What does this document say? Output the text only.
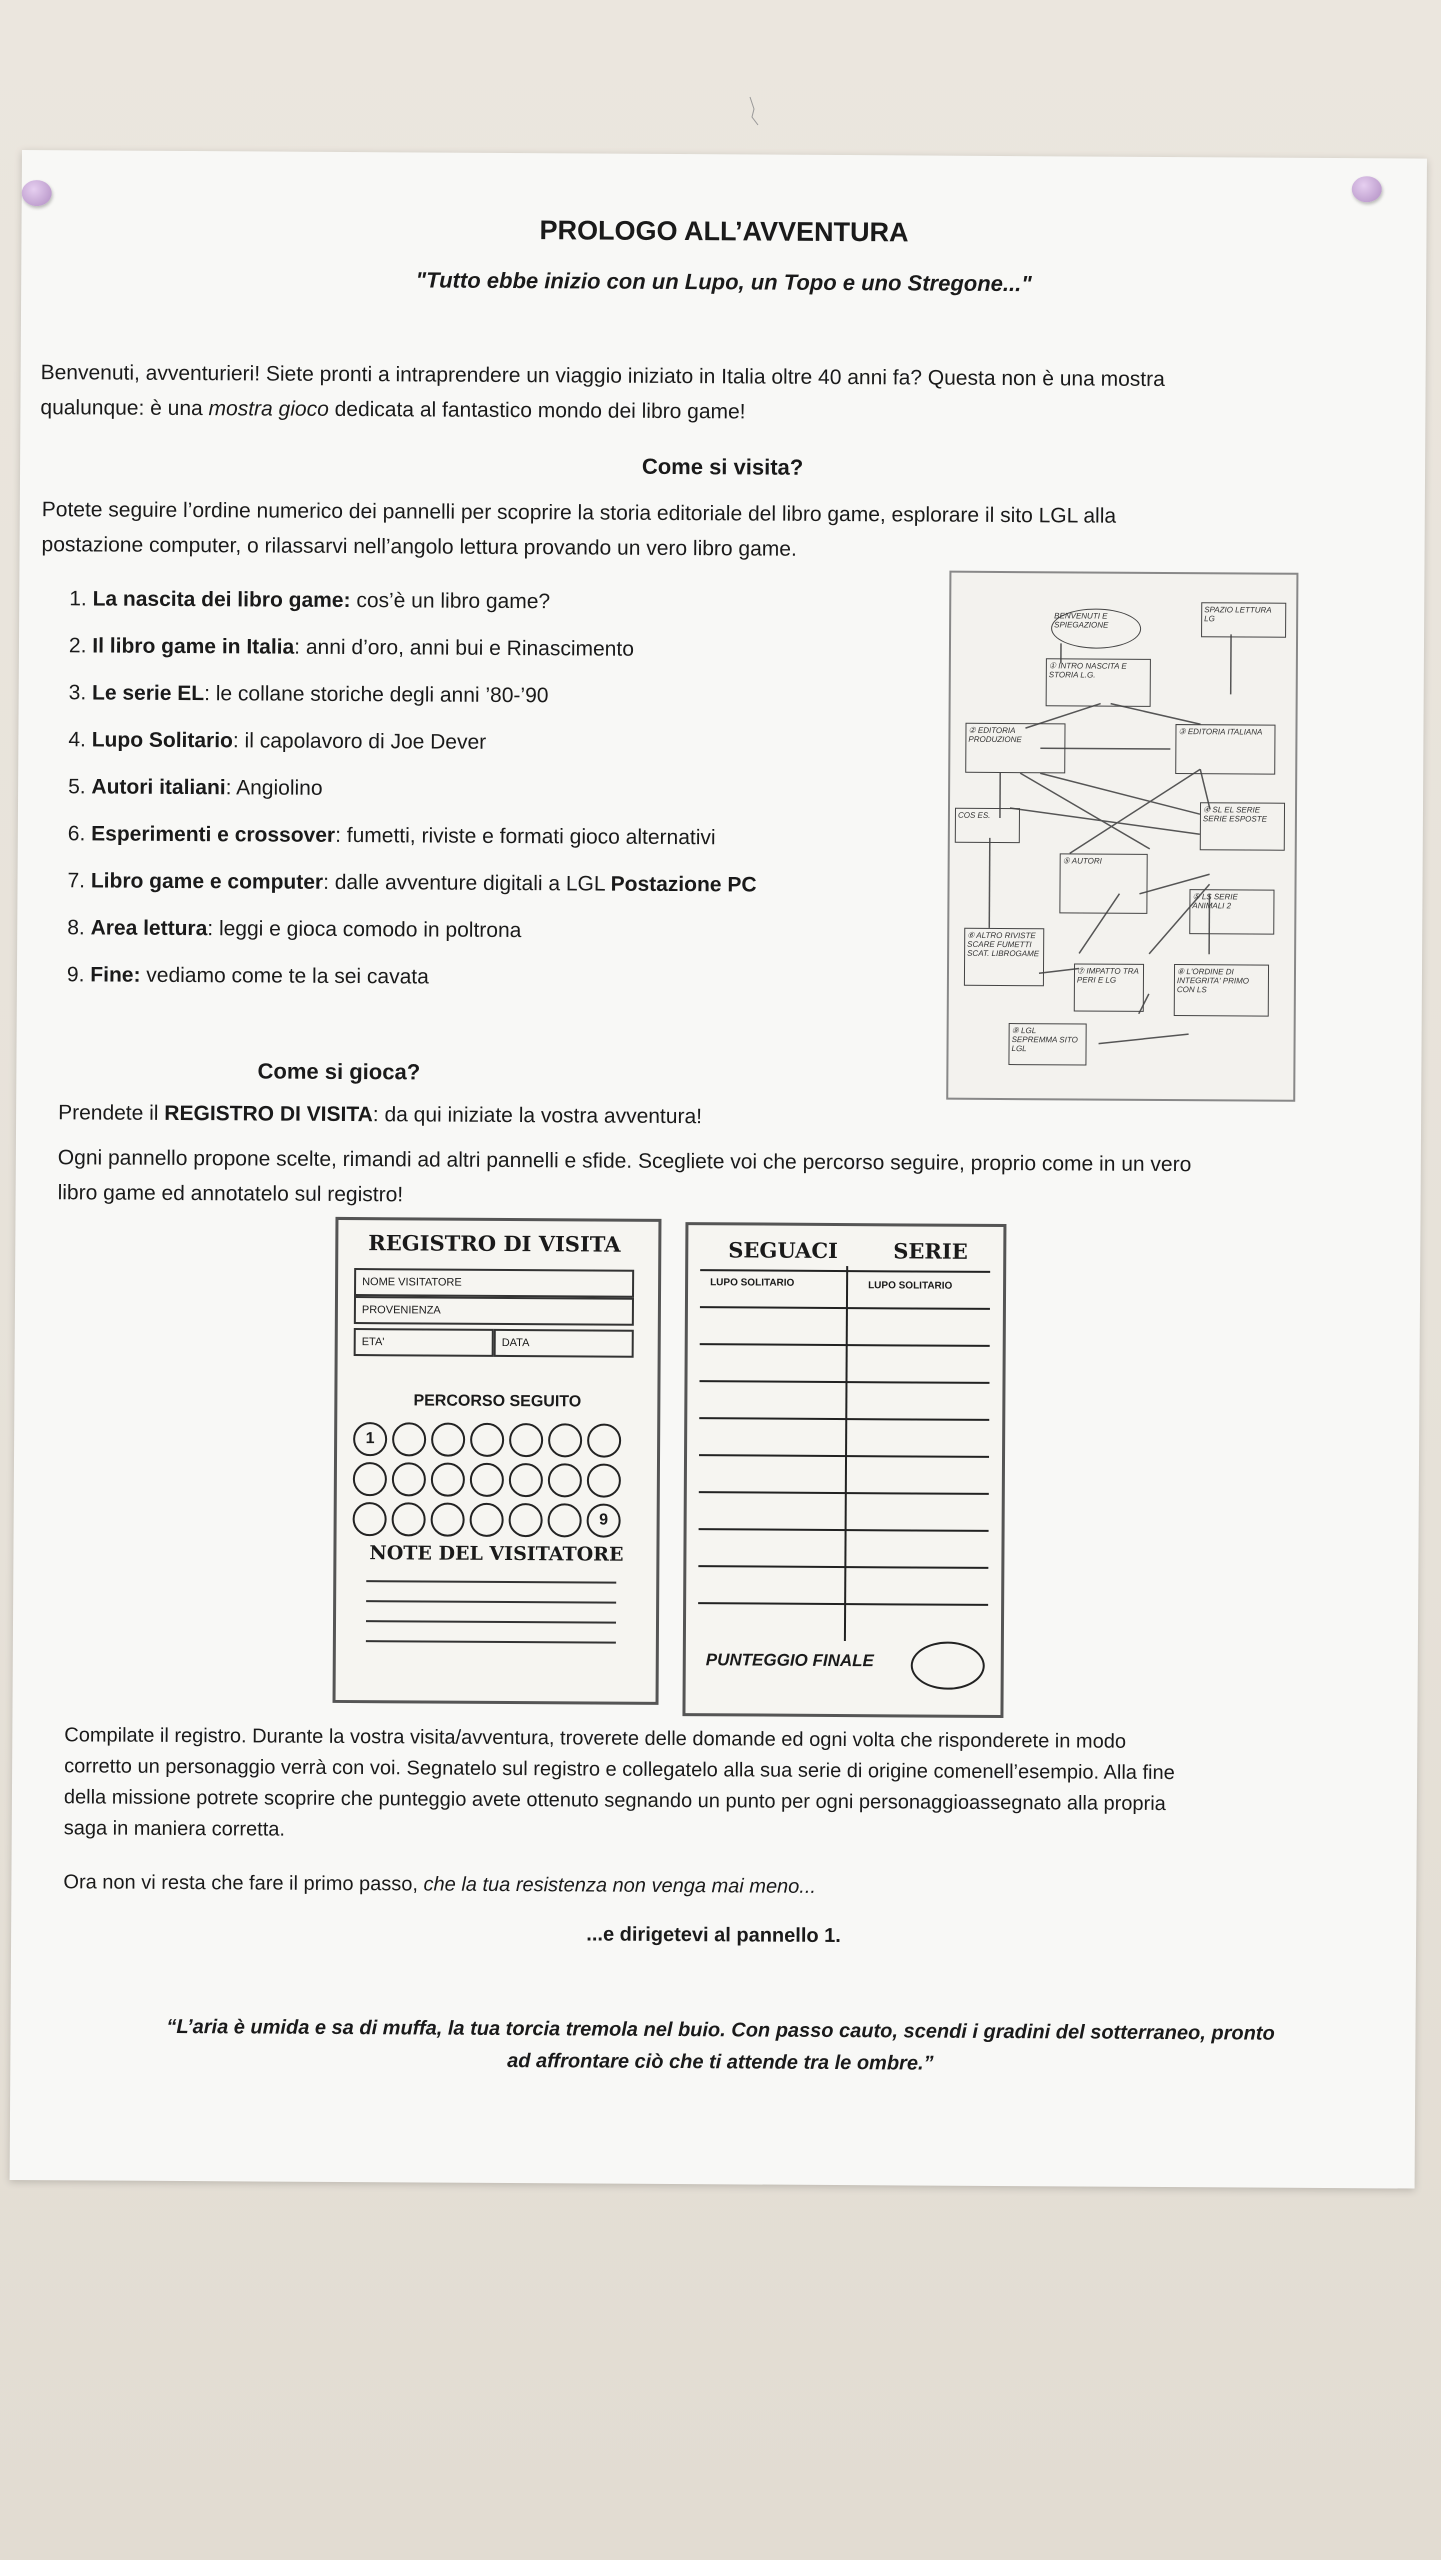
PROLOGO ALL’AVVENTURA
"Tutto ebbe inizio con un Lupo, un Topo e uno Stregone..."
Benvenuti, avventurieri! Siete pronti a intraprendere un viaggio iniziato in Italia oltre 40 anni fa? Questa non è una mostra
qualunque: è una mostra gioco dedicata al fantastico mondo dei libro game!
Come si visita?
Potete seguire l’ordine numerico dei pannelli per scoprire la storia editoriale del libro game, esplorare il sito LGL alla
postazione computer, o rilassarvi nell’angolo lettura provando un vero libro game.
1. La nascita dei libro game: cos’è un libro game?
2. Il libro game in Italia: anni d’oro, anni bui e Rinascimento
3. Le serie EL: le collane storiche degli anni ’80-’90
4. Lupo Solitario: il capolavoro di Joe Dever
5. Autori italiani: Angiolino
6. Esperimenti e crossover: fumetti, riviste e formati gioco alternativi
7. Libro game e computer: dalle avventure digitali a LGL Postazione PC
8. Area lettura: leggi e gioca comodo in poltrona
9. Fine: vediamo come te la sei cavata
BENVENUTI E SPIEGAZIONE
SPAZIO LETTURA LG
① INTRO NASCITA E STORIA L.G.
② EDITORIA PRODUZIONE
③ EDITORIA ITALIANA
COS ES.
④ SL EL SERIE SERIE ESPOSTE
⑤ AUTORI
⑤ LS SERIE ANIMALI 2
⑥ ALTRO RIVISTE SCARE FUMETTI SCAT. LIBROGAME
⑦ IMPATTO TRA PERI E LG
⑧ L'ORDINE DI INTEGRITA' PRIMO CON LS
⑨ LGL SEPREMMA SITO LGL
Come si gioca?
Prendete il REGISTRO DI VISITA: da qui iniziate la vostra avventura!
Ogni pannello propone scelte, rimandi ad altri pannelli e sfide. Scegliete voi che percorso seguire, proprio come in un vero
libro game ed annotatelo sul registro!
REGISTRO DI VISITA
NOME VISITATORE
PROVENIENZA
ETA'	DATA
PERCORSO SEGUITO
1
9
NOTE DEL VISITATORE
SEGUACI	SERIE
LUPO SOLITARIO	LUPO SOLITARIO
PUNTEGGIO FINALE
Compilate il registro. Durante la vostra visita/avventura, troverete delle domande ed ogni volta che risponderete in modo
corretto un personaggio verrà con voi. Segnatelo sul registro e collegatelo alla sua serie di origine comenell’esempio. Alla fine
della missione potrete scoprire che punteggio avete ottenuto segnando un punto per ogni personaggioassegnato alla propria
saga in maniera corretta.
Ora non vi resta che fare il primo passo, che la tua resistenza non venga mai meno...
...e dirigetevi al pannello 1.
“L’aria è umida e sa di muffa, la tua torcia tremola nel buio. Con passo cauto, scendi i gradini del sotterraneo, pronto
ad affrontare ciò che ti attende tra le ombre.”
